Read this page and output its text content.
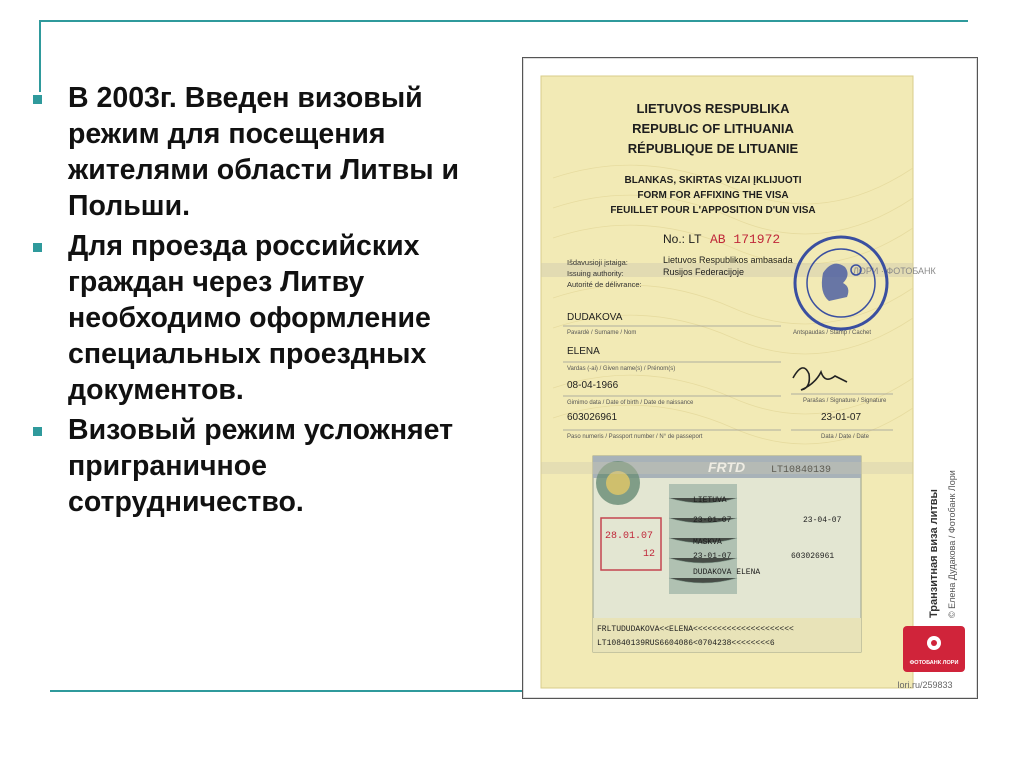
В 2003г. Введен визовый режим для посещения жителями области Литвы и Польши.
Для проезда российских граждан через Литву необходимо оформление специальных проездных документов.
Визовый режим усложняет приграничное сотрудничество.
LIETUVOS RESPUBLIKA
REPUBLIC OF LITHUANIA
RÉPUBLIQUE DE LITUANIE
BLANKAS, SKIRTAS VIZAI ĮKLIJUOTI
FORM FOR AFFIXING THE VISA
FEUILLET POUR L'APPOSITION D'UN VISA
No.: LT AB 171972
ЛОРИ · ФОТОБАНК
Išdavusioji įstaiga:
Issuing authority:
Autorité de délivrance:
Lietuvos Respublikos ambasada
Rusijos Federacijoje
DUDAKOVA
Pavardė / Surname / Nom	Antspaudas / Stamp / Cachet
ELENA
Vardas (-ai) / Given name(s) / Prénom(s)
08-04-1966
Gimimo data / Date of birth / Date de naissance	Parašas / Signature / Signature
603026961	23-01-07
Paso numeris / Passport number / N° de passeport	Data / Date / Date
FRTD	LT10840139
LIETUVA
23-01-07	23-04-07
MASKVA
23-01-07	603026961
DUDAKOVA ELENA
28.01.07
12
FRLTUDUDAKOVA<<ELENA<<<<<<<<<<<<<<<<<<<<<
LT10840139RUS6604086<0704238<<<<<<<<6
Транзитная виза литвы © Елена Дудакова / Фотобанк Лори
ФОТОБАНК ЛОРИ
lori.ru/259833
